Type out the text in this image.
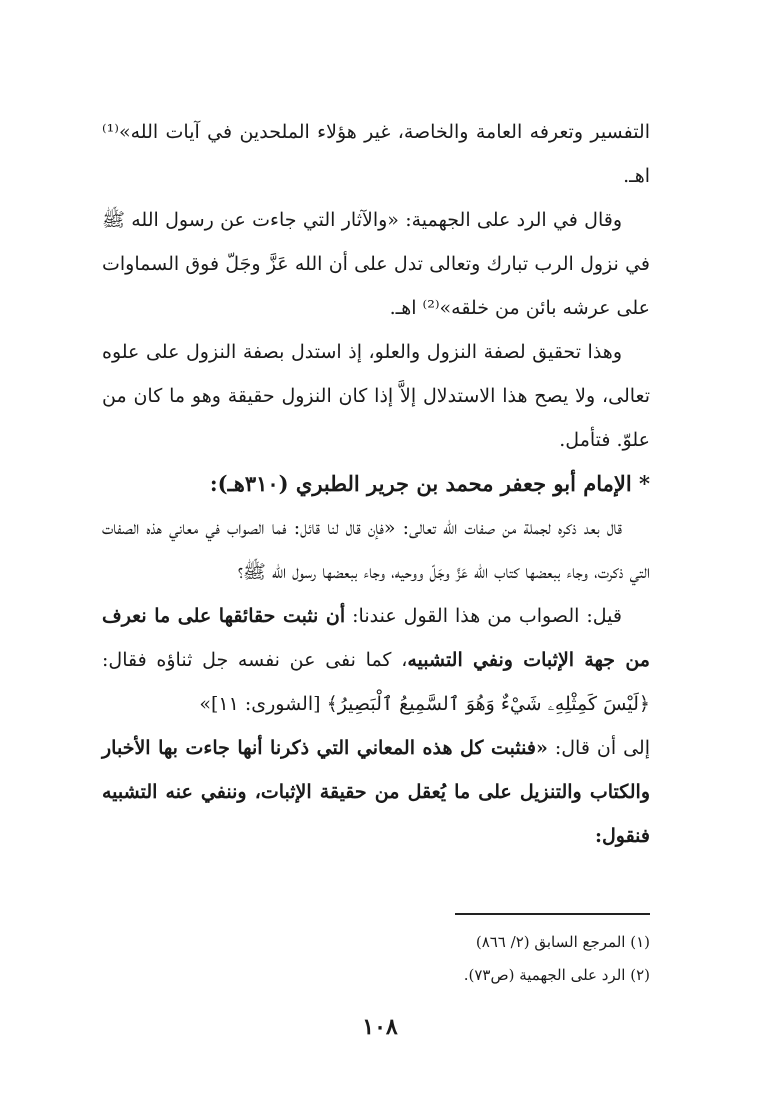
التفسير وتعرفه العامة والخاصة، غير هؤلاء الملحدين في آيات الله»⁽¹⁾ اهـ.

وقال في الرد على الجهمية: «والآثار التي جاءت عن رسول الله ﷺ في نزول الرب تبارك وتعالى تدل على أن الله عَزَّ وجَلّ فوق السماوات على عرشه بائن من خلقه»⁽²⁾ اهـ.

وهذا تحقيق لصفة النزول والعلو، إذ استدل بصفة النزول على علوه تعالى، ولا يصح هذا الاستدلال إلاَّ إذا كان النزول حقيقة وهو ما كان من علوّ. فتأمل.

* الإمام أبو جعفر محمد بن جرير الطبري (٣١٠هـ):

قال بعد ذكره لجملة من صفات الله تعالى: «فإن قال لنا قائل: فما الصواب في معاني هذه الصفات التي ذكرت، وجاء ببعضها كتاب الله عَزَّ وجَلّ ووحيه، وجاء ببعضها رسول الله ﷺ؟

قيل: الصواب من هذا القول عندنا: أن نثبت حقائقها على ما نعرف من جهة الإثبات ونفي التشبيه، كما نفى عن نفسه جل ثناؤه فقال: ﴿لَيْسَ كَمِثْلِهِۦ شَيْءٌ وَهُوَ ٱلسَّمِيعُ ٱلْبَصِيرُ﴾ [الشورى: ١١]»

إلى أن قال: «فنثبت كل هذه المعاني التي ذكرنا أنها جاءت بها الأخبار والكتاب والتنزيل على ما يُعقل من حقيقة الإثبات، وننفي عنه التشبيه فنقول:

(١) المرجع السابق (٢/ ٨٦٦)

(٢) الرد على الجهمية (ص٧٣).

١٠٨
